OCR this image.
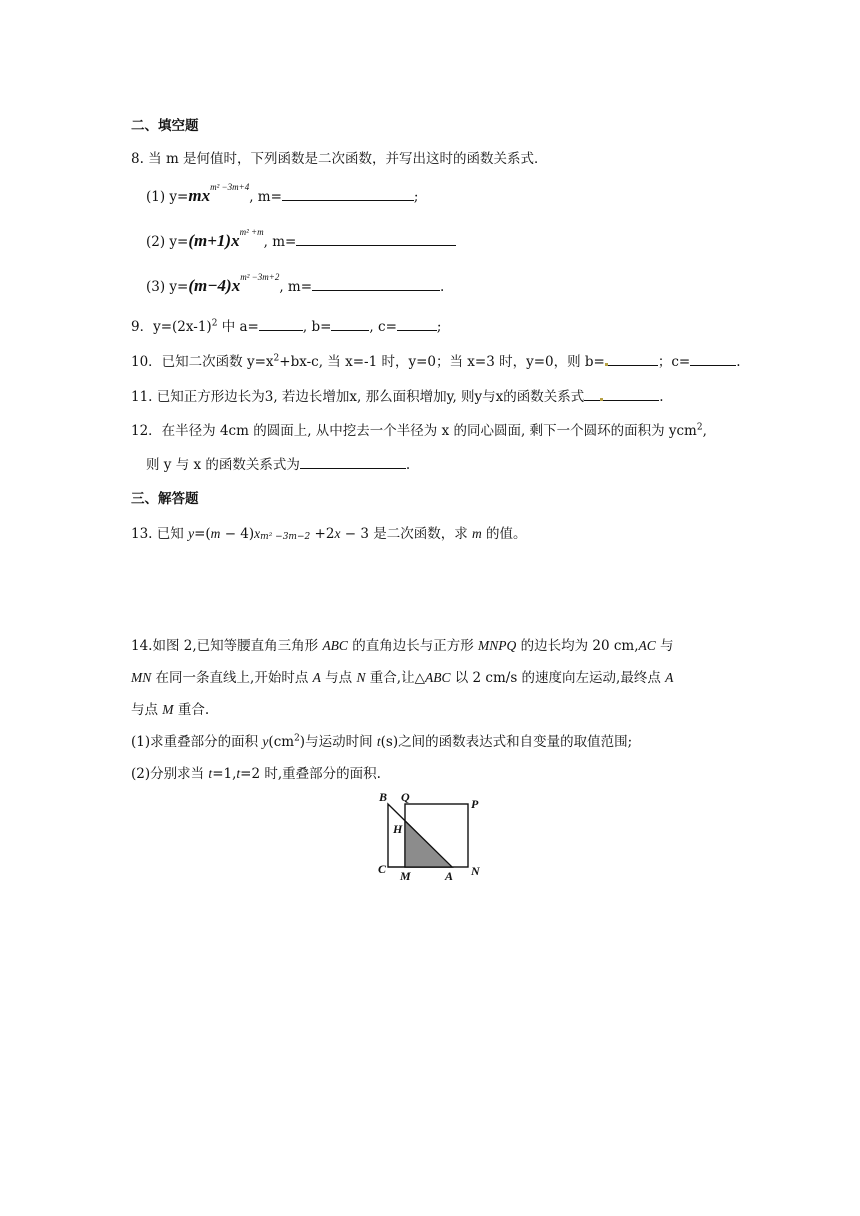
二、填空题
8. 当 m 是何值时，下列函数是二次函数，并写出这时的函数关系式．
(1) $y=mx^{m^2 -3m+4}$, m=	;
(2) $y=(m+1)x^{m^2 +m}$, m=
(3) $y=(m-4)x^{m^2 -3m+2}$, m=	.
9．$y=(2x-1)^2$ 中 a=	, b=	, c=	;
10．已知二次函数 $y=x^2+bx-c$, 当 x=-1 时，y=0；当 x=3 时，y=0，则 b=	；c=	.
11. 已知正方形边长为3, 若边长增加x, 那么面积增加y, 则y与x的函数关系式	.
12．在半径为 4cm 的圆面上, 从中挖去一个半径为 x 的同心圆面, 剩下一个圆环的面积为 ycm$^2$,
则 y 与 x 的函数关系式为	.
三、解答题
13. 已知 y=(m − 4)xm² −3m−2 +2x − 3 是二次函数，求 m 的值。
14.如图 2,已知等腰直角三角形 ABC 的直角边长与正方形 MNPQ 的边长均为 20 cm,AC 与
MN 在同一条直线上,开始时点 A 与点 N 重合,让△ABC 以 2 cm/s 的速度向左运动,最终点 A
与点 M 重合.
(1)求重叠部分的面积 $y(cm^2)$与运动时间 t(s)之间的函数表达式和自变量的取值范围;
(2)分别求当 t=1,t=2 时,重叠部分的面积.
B Q	P
H
C M	A N
